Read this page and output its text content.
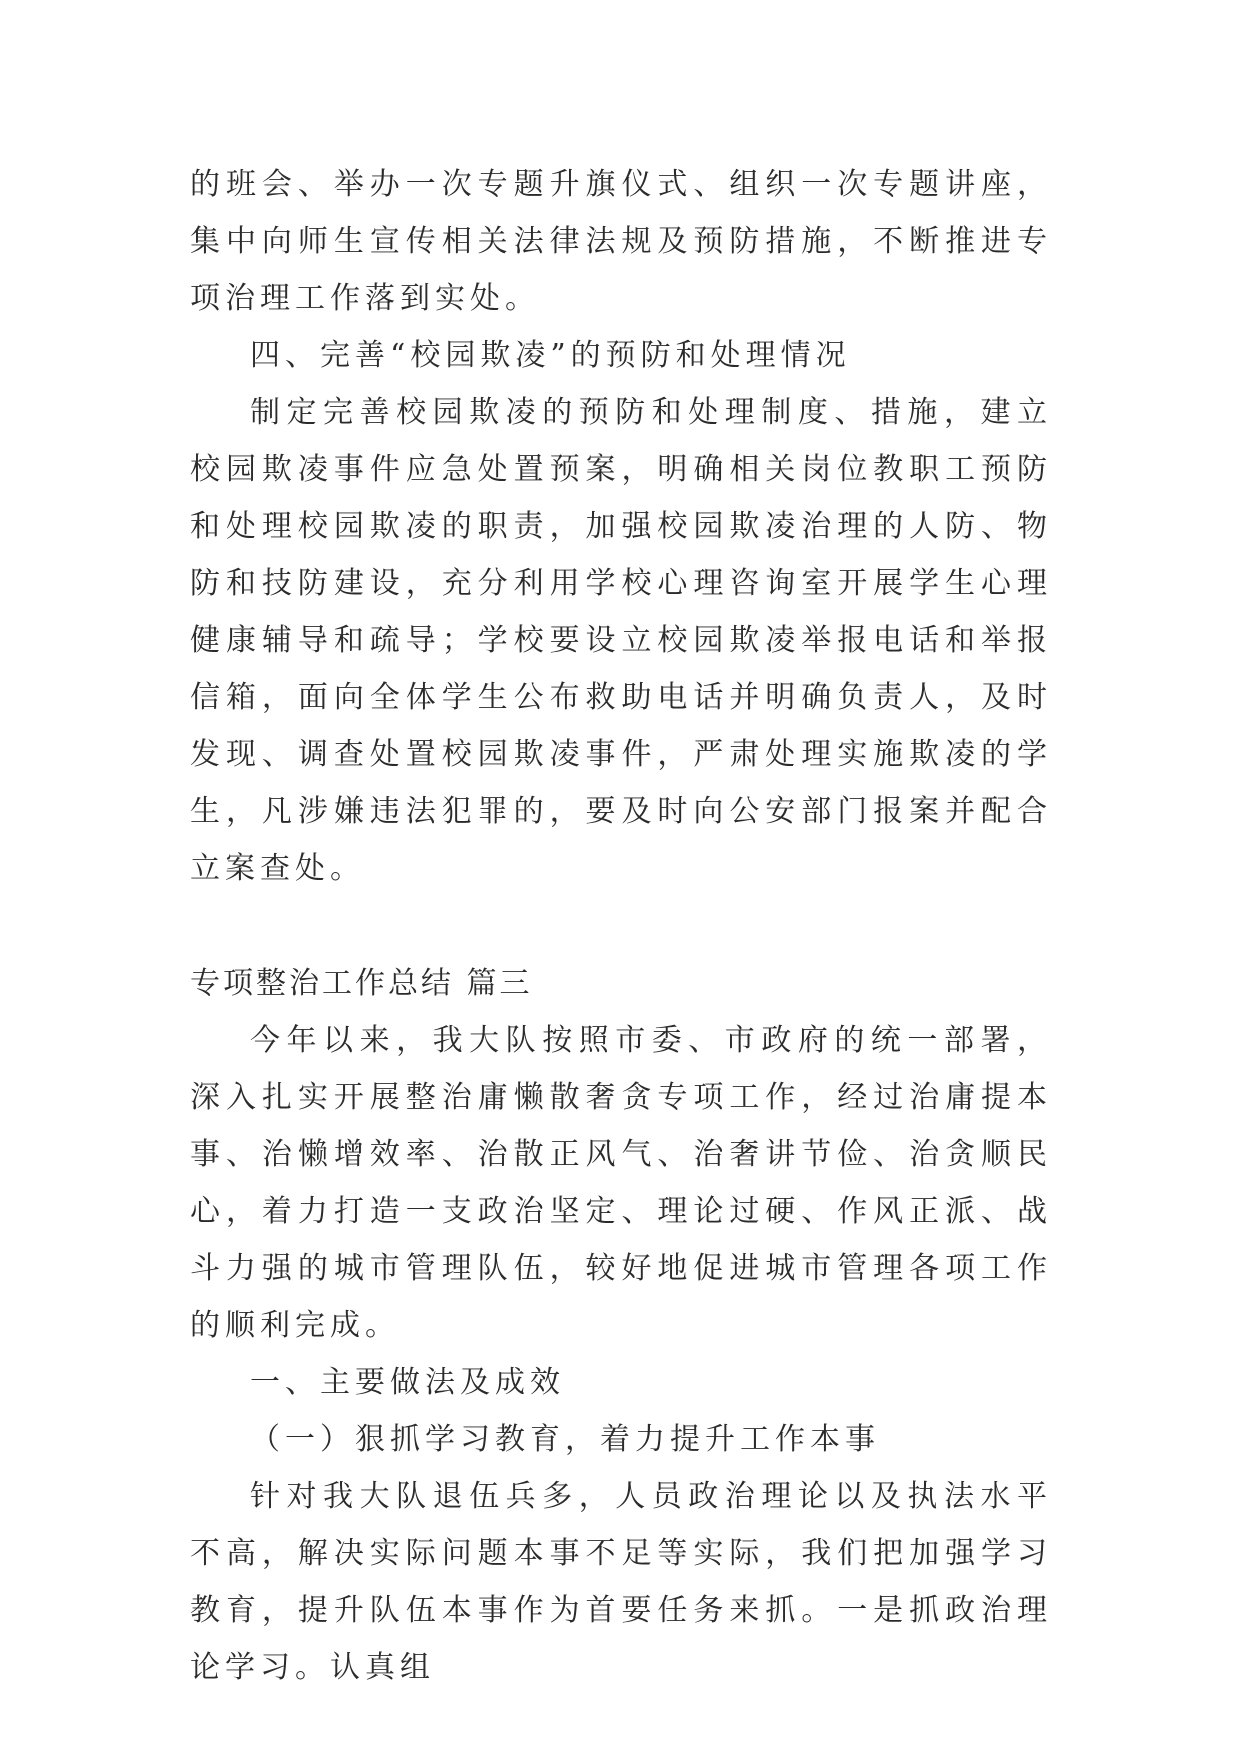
的班会、举办一次专题升旗仪式、组织一次专题讲座，集中向师生宣传相关法律法规及预防措施，不断推进专项治理工作落到实处。

四、完善“校园欺凌”的预防和处理情况

制定完善校园欺凌的预防和处理制度、措施，建立校园欺凌事件应急处置预案，明确相关岗位教职工预防和处理校园欺凌的职责，加强校园欺凌治理的人防、物防和技防建设，充分利用学校心理咨询室开展学生心理健康辅导和疏导；学校要设立校园欺凌举报电话和举报信箱，面向全体学生公布救助电话并明确负责人，及时发现、调查处置校园欺凌事件，严肃处理实施欺凌的学生，凡涉嫌违法犯罪的，要及时向公安部门报案并配合立案查处。

专项整治工作总结 篇三

今年以来，我大队按照市委、市政府的统一部署，深入扎实开展整治庸懒散奢贪专项工作，经过治庸提本事、治懒增效率、治散正风气、治奢讲节俭、治贪顺民心，着力打造一支政治坚定、理论过硬、作风正派、战斗力强的城市管理队伍，较好地促进城市管理各项工作的顺利完成。

一、主要做法及成效

（一）狠抓学习教育，着力提升工作本事

针对我大队退伍兵多，人员政治理论以及执法水平不高，解决实际问题本事不足等实际，我们把加强学习教育，提升队伍本事作为首要任务来抓。一是抓政治理论学习。认真组
